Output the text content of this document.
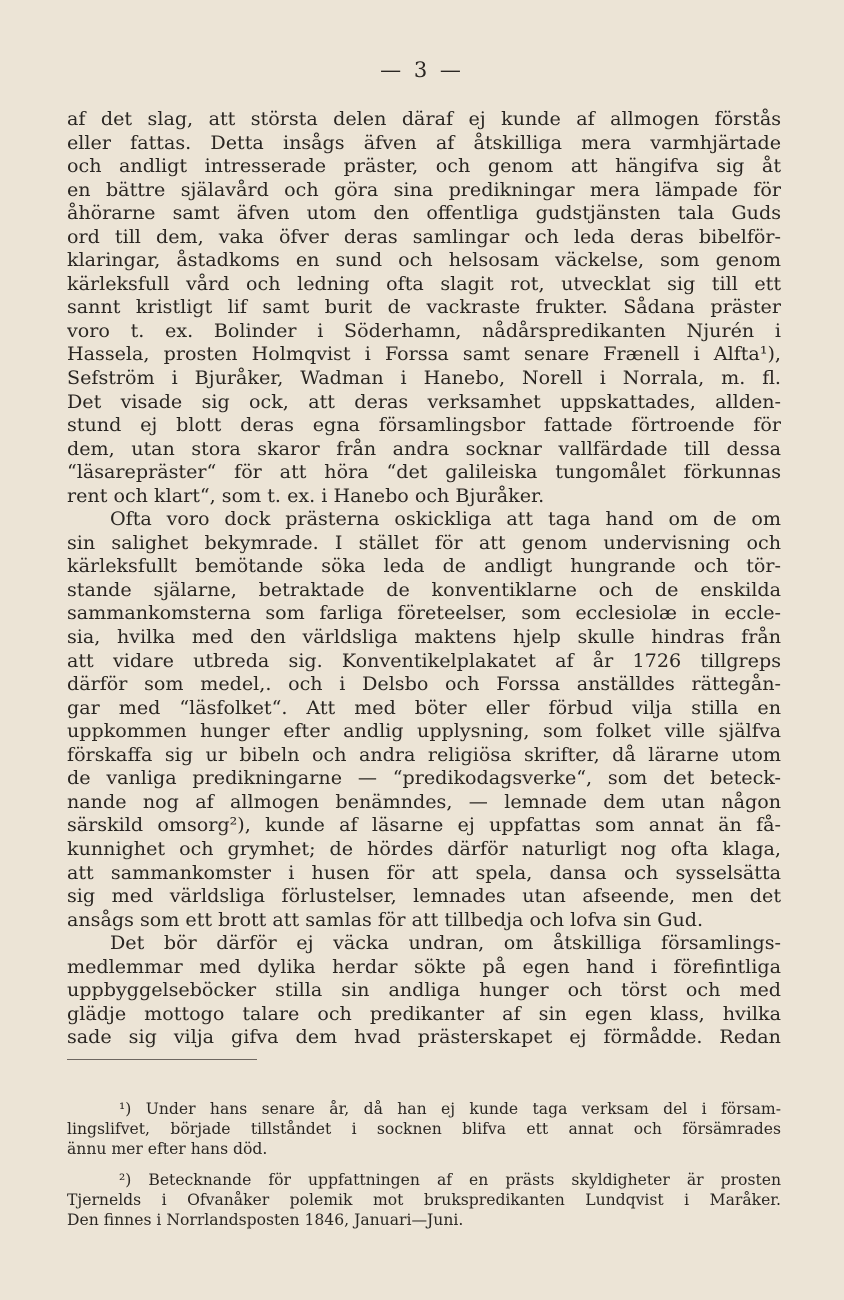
— 3 —
af det slag, att största delen däraf ej kunde af allmogen förstås
eller fattas. Detta insågs äfven af åtskilliga mera varmhjärtade
och andligt intresserade präster, och genom att hängifva sig åt
en bättre själavård och göra sina predikningar mera lämpade för
åhörarne samt äfven utom den offentliga gudstjänsten tala Guds
ord till dem, vaka öfver deras samlingar och leda deras bibelför-
klaringar, åstadkoms en sund och helsosam väckelse, som genom
kärleksfull vård och ledning ofta slagit rot, utvecklat sig till ett
sannt kristligt lif samt burit de vackraste frukter. Sådana präster
voro t. ex. Bolinder i Söderhamn, nådårspredikanten Njurén i
Hassela, prosten Holmqvist i Forssa samt senare Frænell i Alfta¹),
Sefström i Bjuråker, Wadman i Hanebo, Norell i Norrala, m. fl.
Det visade sig ock, att deras verksamhet uppskattades, allden-
stund ej blott deras egna församlingsbor fattade förtroende för
dem, utan stora skaror från andra socknar vallfärdade till dessa
“läsarepräster“ för att höra “det galileiska tungomålet förkunnas
rent och klart“, som t. ex. i Hanebo och Bjuråker.
Ofta voro dock prästerna oskickliga att taga hand om de om
sin salighet bekymrade. I stället för att genom undervisning och
kärleksfullt bemötande söka leda de andligt hungrande och tör-
stande själarne, betraktade de konventiklarne och de enskilda
sammankomsterna som farliga företeelser, som ecclesiolæ in eccle-
sia, hvilka med den världsliga maktens hjelp skulle hindras från
att vidare utbreda sig. Konventikelplakatet af år 1726 tillgreps
därför som medel,. och i Delsbo och Forssa anställdes rättegån-
gar med “läsfolket“. Att med böter eller förbud vilja stilla en
uppkommen hunger efter andlig upplysning, som folket ville själfva
förskaffa sig ur bibeln och andra religiösa skrifter, då lärarne utom
de vanliga predikningarne — “predikodagsverke“, som det beteck-
nande nog af allmogen benämndes, — lemnade dem utan någon
särskild omsorg²), kunde af läsarne ej uppfattas som annat än få-
kunnighet och grymhet; de hördes därför naturligt nog ofta klaga,
att sammankomster i husen för att spela, dansa och sysselsätta
sig med världsliga förlustelser, lemnades utan afseende, men det
ansågs som ett brott att samlas för att tillbedja och lofva sin Gud.
Det bör därför ej väcka undran, om åtskilliga församlings-
medlemmar med dylika herdar sökte på egen hand i förefintliga
uppbyggelseböcker stilla sin andliga hunger och törst och med
glädje mottogo talare och predikanter af sin egen klass, hvilka
sade sig vilja gifva dem hvad prästerskapet ej förmådde. Redan
¹) Under hans senare år, då han ej kunde taga verksam del i försam-
lingslifvet, började tillståndet i socknen blifva ett annat och försämrades
ännu mer efter hans död.
²) Betecknande för uppfattningen af en prästs skyldigheter är prosten
Tjernelds i Ofvanåker polemik mot brukspredikanten Lundqvist i Maråker.
Den finnes i Norrlandsposten 1846, Januari—Juni.
